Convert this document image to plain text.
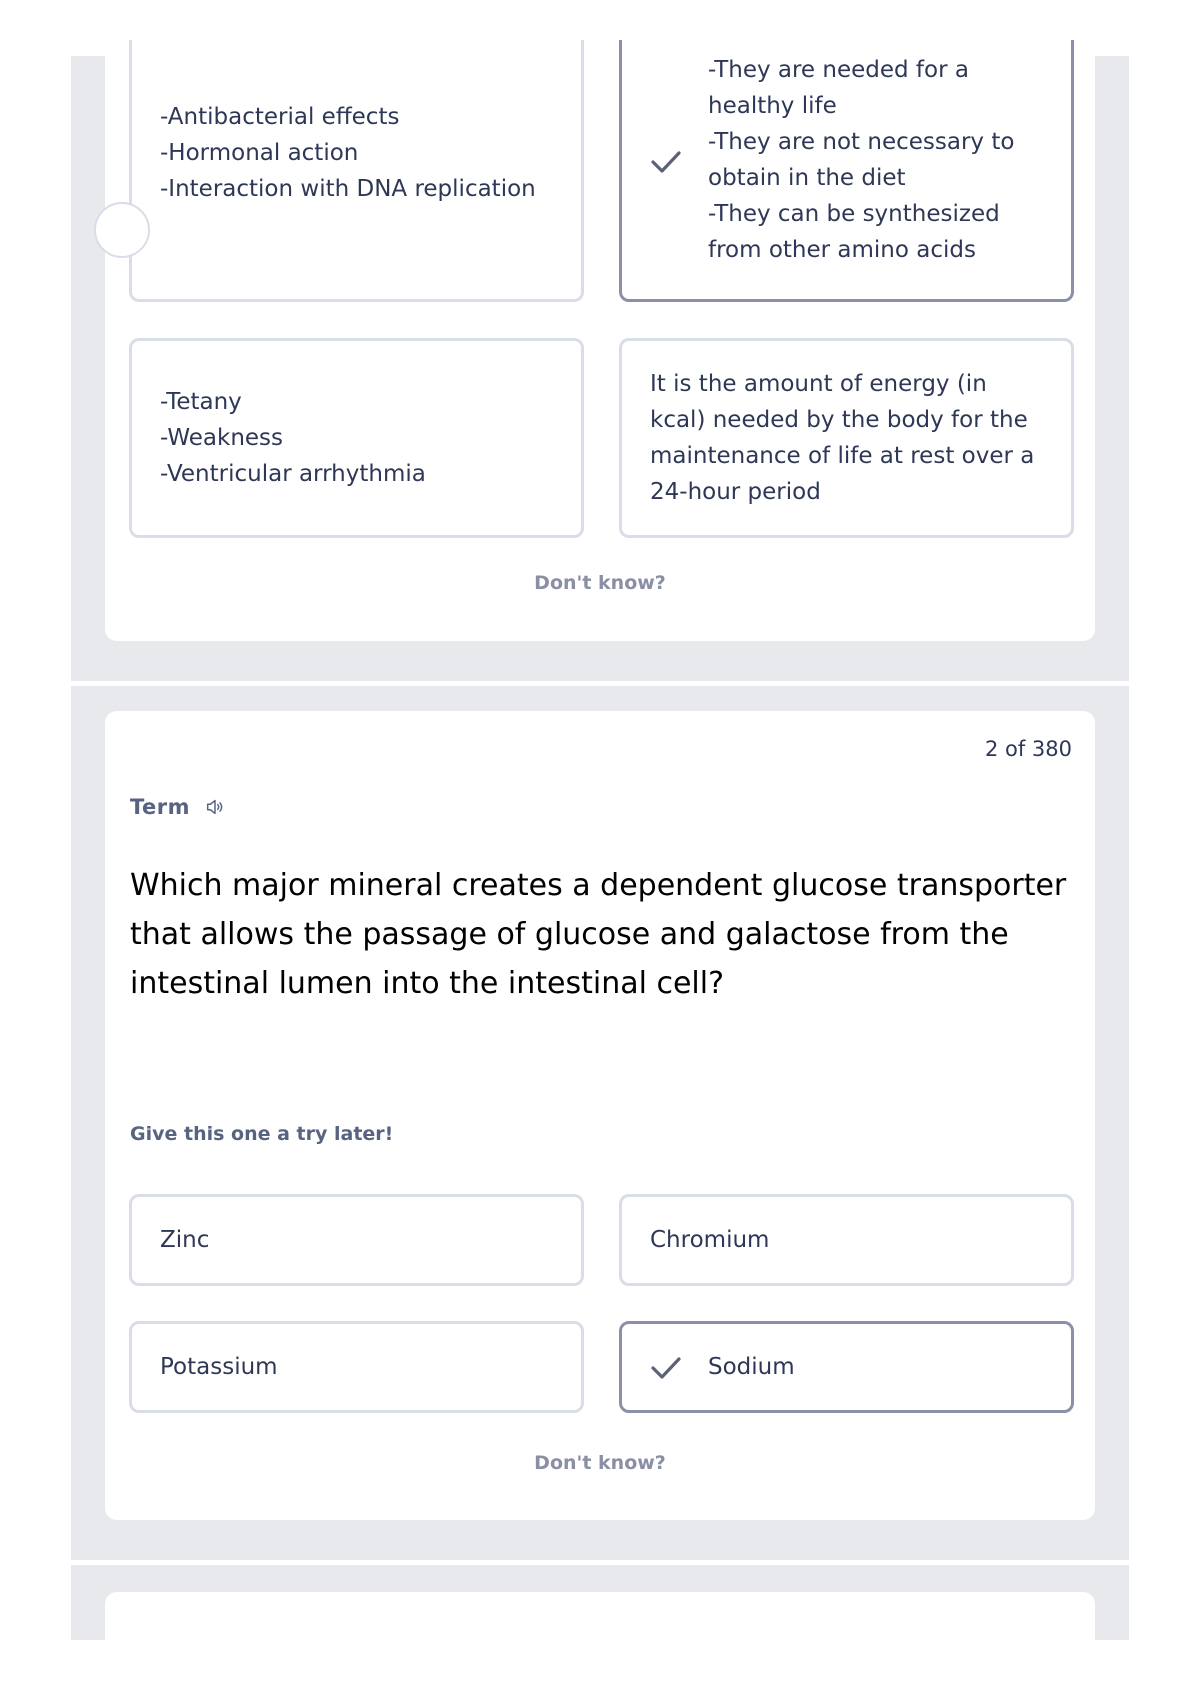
-Antibacterial effects
-Hormonal action
-Interaction with DNA replication
-They are needed for a healthy life
-They are not necessary to obtain in the diet
-They can be synthesized from other amino acids
-Tetany
-Weakness
-Ventricular arrhythmia
It is the amount of energy (in kcal) needed by the body for the maintenance of life at rest over a 24-hour period
Don't know?
2 of 380
Term
Which major mineral creates a dependent glucose transporter that allows the passage of glucose and galactose from the intestinal lumen into the intestinal cell?
Give this one a try later!
Zinc	Chromium
Potassium	Sodium
Don't know?
